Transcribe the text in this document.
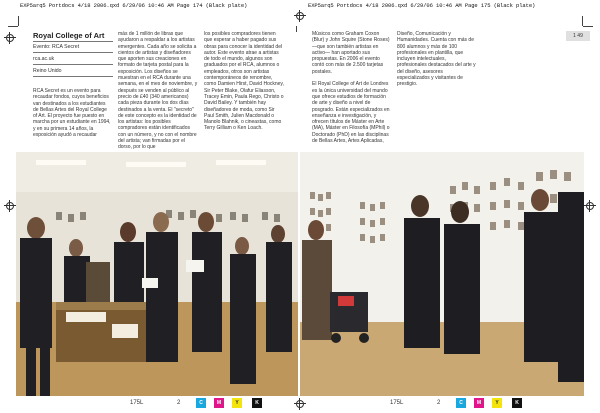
EXP5arq5 Portdocs 4/18 2006.qxd 6/29/06 10:46 AM Page 174 (Black plate)	EXP5arq5 Portdocs 4/18 2006.qxd 6/29/06 10:46 AM Page 175 (Black plate)
1 49
Royal College of Art
Evento: RCA Secret
rca.ac.uk
Reino Unido
RCA Secret es un evento para recaudar fondos, cuyos beneficios van destinados a los estudiantes de Bellas Artes del Royal College of Art. El proyecto fue puesto en marcha por un estudiante en 1994, y en su primera 14 años, la exposición ayudó a recaudar
más de 1 millón de libras que ayudaron a respaldar a los artistas emergentes. Cada año se solicita a cientos de artistas y diseñadores que aporten sus creaciones en formato de tarjeta postal para la exposición. Los diseños se muestran en el RCA durante una semana, en el mes de noviembre, y después se venden al público al precio de £40 (340 americanos) cada pieza durante los dos días destinados a la venta. El "secreto" de este concepto es la identidad de los artistas: los posibles compradores están identificados con un número, y no con el nombre del artista; van firmadas por el dorso, por lo que
los posibles compradores tienen que esperar a haber pagado sus obras para conocer la identidad del autor. Este evento atrae a artistas de todo el mundo, algunos son graduados por el RCA, alumnos o empleados, otros son artistas contemporáneos de renombre, como Damien Hirst, David Hockney, Sir Peter Blake, Olafur Eliasson, Tracey Emin, Paula Rego, Christo o David Bailey. Y también hay diseñadores de moda, como Sir Paul Smith, Julien Macdonald o Manolo Blahnik, o cineastas, como Terry Gilliam o Ken Loach.
Músicos como Graham Coxon (Blur) y John Squire (Stone Roses) —que son también artistas en activo— han aportado sus propuestas. En 2006 el evento contó con más de 2.500 tarjetas postales.

El Royal College of Art de Londres es la única universidad del mundo que ofrece estudios de formación de arte y diseño a nivel de posgrado. Están especializados en enseñanza e investigación, y ofrecen títulos de Máster en Arte (MA), Máster en Filosofía (MPhil) o Doctorado (PhD) en las disciplinas de Bellas Artes, Artes Aplicadas,
Diseño, Comunicación y Humanidades. Cuenta con más de 800 alumnos y más de 100 profesionales en plantilla, que incluyen intelectuales, profesionales destacados del arte y del diseño, asesores especializados y visitantes de prestigio.
175L	2	C	M	Y	K	175L	2	C	M	Y	K
